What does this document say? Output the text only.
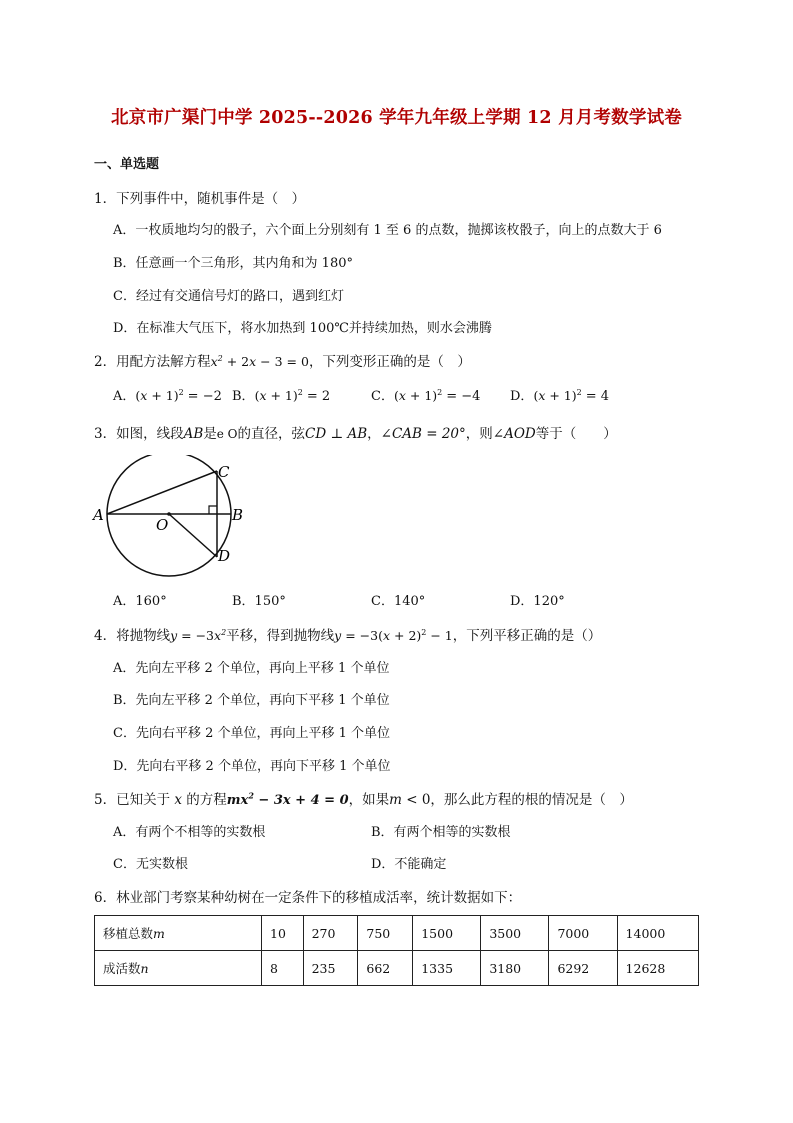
北京市广渠门中学 2025--2026 学年九年级上学期 12 月月考数学试卷
一、单选题
1．下列事件中，随机事件是（　）
A．一枚质地均匀的骰子，六个面上分别刻有 1 至 6 的点数，抛掷该枚骰子，向上的点数大于 6
B．任意画一个三角形，其内角和为 180°
C．经过有交通信号灯的路口，遇到红灯
D．在标准大气压下，将水加热到 100℃并持续加热，则水会沸腾
2．用配方法解方程$x^2 + 2x - 3 = 0$，下列变形正确的是（　）
A．$(x + 1)^2 = -2$ B．$(x + 1)^2 = 2$	C．$(x + 1)^2 = -4$ D．$(x + 1)^2 = 4$
3．如图，线段AB是e O的直径，弦CD ⊥ AB，∠CAB = 20°，则∠AOD等于（　　）
A	B
C
D
O
A．160°	B．150°	C．140°	D．120°
4．将抛物线$y = -3x^2$平移，得到抛物线$y = -3(x + 2)^2 - 1$，下列平移正确的是（）
A．先向左平移 2 个单位，再向上平移 1 个单位
B．先向左平移 2 个单位，再向下平移 1 个单位
C．先向右平移 2 个单位，再向上平移 1 个单位
D．先向右平移 2 个单位，再向下平移 1 个单位
5．已知关于 x 的方程$mx^2 - 3x + 4 = 0$，如果m < 0，那么此方程的根的情况是（　）
A．有两个不相等的实数根	B．有两个相等的实数根
C．无实数根	D．不能确定
6．林业部门考察某种幼树在一定条件下的移植成活率，统计数据如下：
移植总数m	10	270	750	1500	3500	7000	14000
成活数n	8	235	662	1335	3180	6292	12628
